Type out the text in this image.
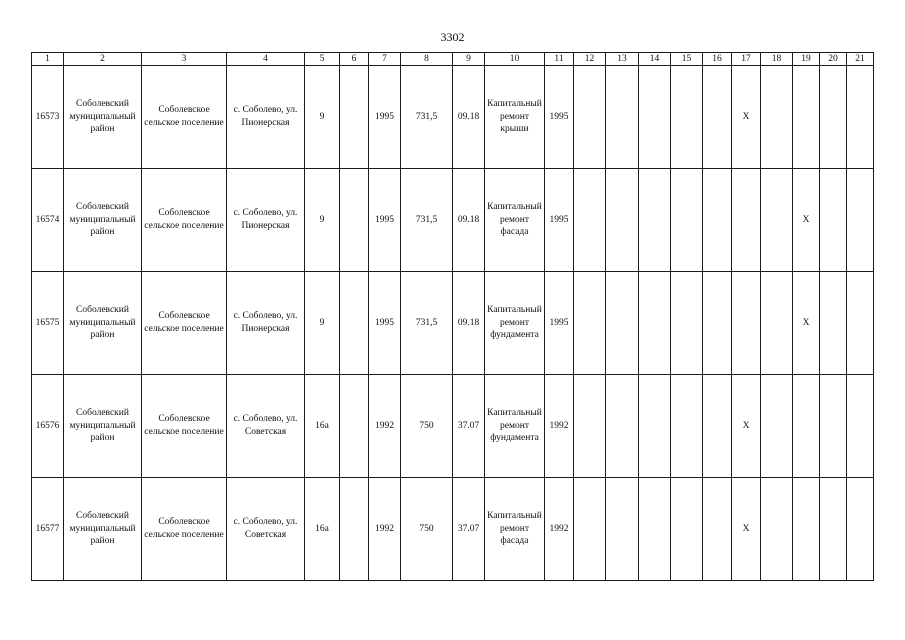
3302
1	2	3	4	5	6	7	8	9	10	11	12	13	14	15	16	17	18	19	20	21
16573	Соболевский муниципальный район	Соболевское сельское поселение	с. Соболево, ул. Пионерская	9		1995	731,5	09.18	Капитальный ремонт крыши	1995						X				
16574	Соболевский муниципальный район	Соболевское сельское поселение	с. Соболево, ул. Пионерская	9		1995	731,5	09.18	Капитальный ремонт фасада	1995								X		
16575	Соболевский муниципальный район	Соболевское сельское поселение	с. Соболево, ул. Пионерская	9		1995	731,5	09.18	Капитальный ремонт фундамента	1995								X		
16576	Соболевский муниципальный район	Соболевское сельское поселение	с. Соболево, ул. Советская	16а		1992	750	37.07	Капитальный ремонт фундамента	1992						X				
16577	Соболевский муниципальный район	Соболевское сельское поселение	с. Соболево, ул. Советская	16а		1992	750	37.07	Капитальный ремонт фасада	1992						X				
